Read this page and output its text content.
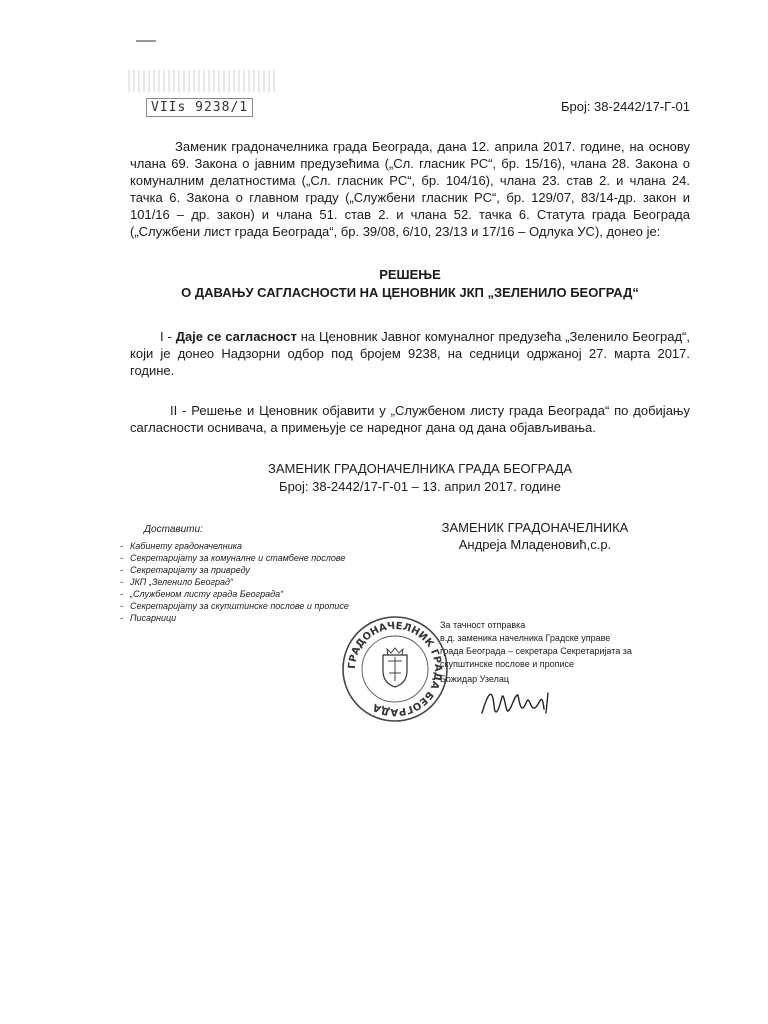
VIIs 9238/1	Број: 38-2442/17-Г-01
Заменик градоначелника града Београда, дана 12. априла 2017. године, на основу члана 69. Закона о јавним предузећима („Сл. гласник РС“, бр. 15/16), члана 28. Закона о комуналним делатностима („Сл. гласник РС“, бр. 104/16), члана 23. став 2. и члана 24. тачка 6. Закона о главном граду („Службени гласник РС“, бр. 129/07, 83/14-др. закон и 101/16 – др. закон) и члана 51. став 2. и члана 52. тачка 6. Статута града Београда („Службени лист града Београда“, бр. 39/08, 6/10, 23/13 и 17/16 – Одлука УС), донео је:
РЕШЕЊЕ
О ДАВАЊУ САГЛАСНОСТИ НА ЦЕНОВНИК ЈКП „ЗЕЛЕНИЛО БЕОГРАД“
I - Даје се сагласност на Ценовник Јавног комуналног предузећа „Зеленило Београд“, који је донео Надзорни одбор под бројем 9238, на седници одржаној 27. марта 2017. године.
II - Решење и Ценовник објавити у „Службеном листу града Београда“ по добијању сагласности оснивача, а примењује се наредног дана од дана објављивања.
ЗАМЕНИК ГРАДОНАЧЕЛНИКА ГРАДА БЕОГРАДА
Број: 38-2442/17-Г-01 – 13. април 2017. године
ЗАМЕНИК ГРАДОНАЧЕЛНИКА
Андреја Младеновић,с.р.
Доставити:
- Кабинету градоначелника
- Секретаријату за комуналне и стамбене послове
- Секретаријату за привреду
- ЈКП „Зеленило Београд“
- „Службеном листу града Београда“
- Секретаријату за скупштинске послове и прописе
- Писарници
ГРАДОНАЧЕЛНИК ГРАДА БЕОГРАДА
За тачност отправка
в.д. заменика начелника Градске управе
града Београда – секретара Секретаријата за
скупштинске послове и прописе
Божидар Узелац
